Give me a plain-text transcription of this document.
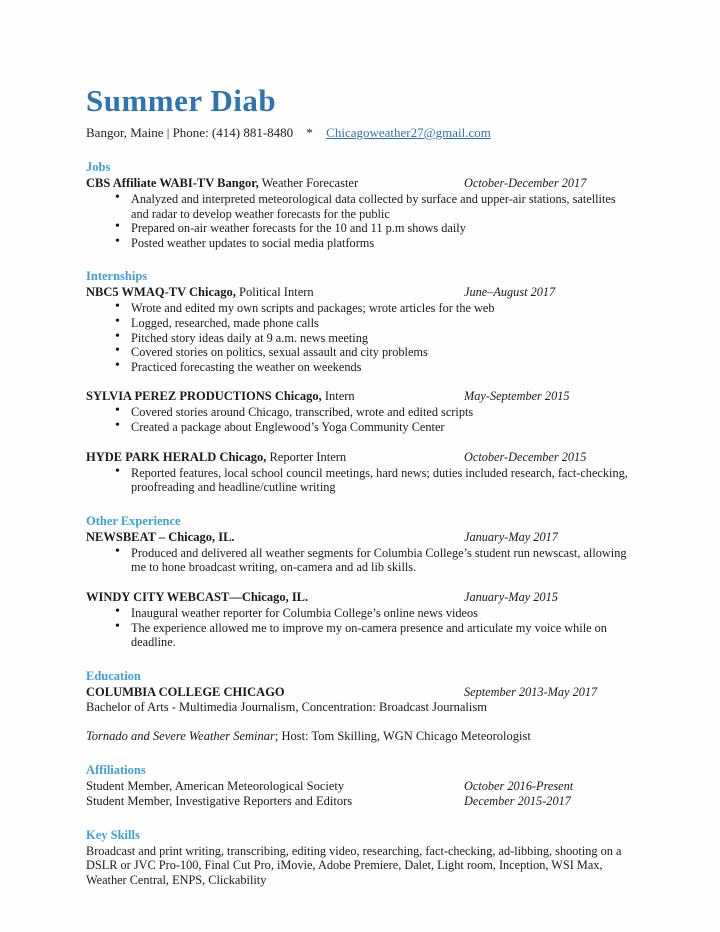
Summer Diab
Bangor, Maine | Phone: (414) 881-8480 * Chicagoweather27@gmail.com
Jobs
CBS Affiliate WABI-TV Bangor, Weather Forecaster	October-December 2017
• Analyzed and interpreted meteorological data collected by surface and upper-air stations, satellites and radar to develop weather forecasts for the public
• Prepared on-air weather forecasts for the 10 and 11 p.m shows daily
• Posted weather updates to social media platforms
Internships
NBC5 WMAQ-TV Chicago, Political Intern	June–August 2017
• Wrote and edited my own scripts and packages; wrote articles for the web
• Logged, researched, made phone calls
• Pitched story ideas daily at 9 a.m. news meeting
• Covered stories on politics, sexual assault and city problems
• Practiced forecasting the weather on weekends
SYLVIA PEREZ PRODUCTIONS Chicago, Intern	May-September 2015
• Covered stories around Chicago, transcribed, wrote and edited scripts
• Created a package about Englewood’s Yoga Community Center
HYDE PARK HERALD Chicago, Reporter Intern	October-December 2015
• Reported features, local school council meetings, hard news; duties included research, fact-checking, proofreading and headline/cutline writing
Other Experience
NEWSBEAT – Chicago, IL.	January-May 2017
• Produced and delivered all weather segments for Columbia College’s student run newscast, allowing me to hone broadcast writing, on-camera and ad lib skills.
WINDY CITY WEBCAST—Chicago, IL.	January-May 2015
• Inaugural weather reporter for Columbia College’s online news videos
• The experience allowed me to improve my on-camera presence and articulate my voice while on deadline.
Education
COLUMBIA COLLEGE CHICAGO	September 2013-May 2017
Bachelor of Arts - Multimedia Journalism, Concentration: Broadcast Journalism
Tornado and Severe Weather Seminar; Host: Tom Skilling, WGN Chicago Meteorologist
Affiliations
Student Member, American Meteorological Society	October 2016-Present
Student Member, Investigative Reporters and Editors	December 2015-2017
Key Skills
Broadcast and print writing, transcribing, editing video, researching, fact-checking, ad-libbing, shooting on a DSLR or JVC Pro-100, Final Cut Pro, iMovie, Adobe Premiere, Dalet, Light room, Inception, WSI Max, Weather Central, ENPS, Clickability
